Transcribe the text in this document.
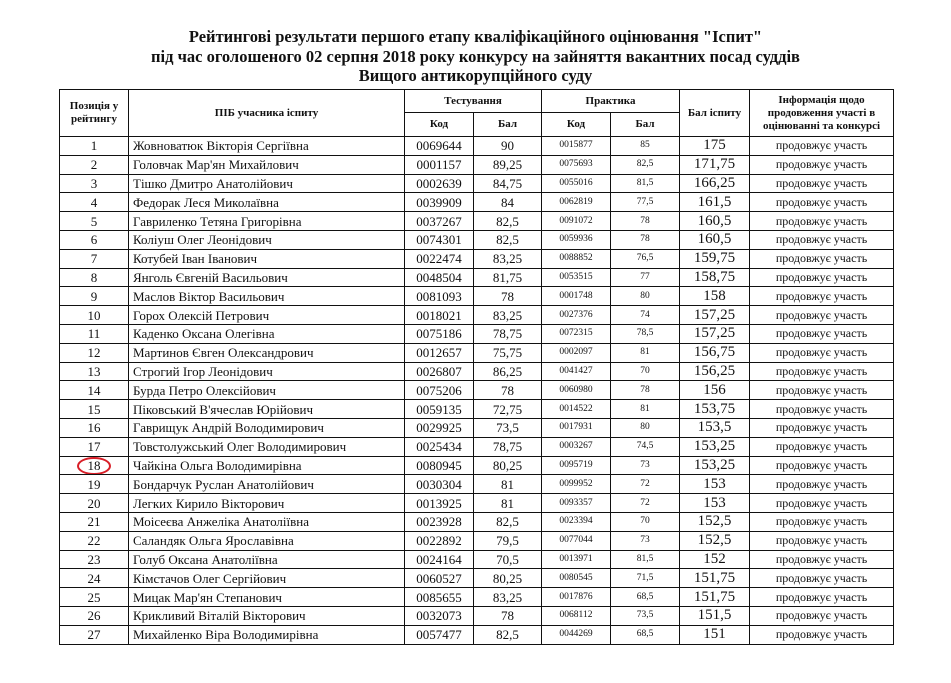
Рейтингові результати першого етапу кваліфікаційного оцінювання "Іспит"
під час оголошеного 02 серпня 2018 року конкурсу на зайняття вакантних посад суддів
Вищого антикорупційного суду
Позиція у рейтингу	ПІБ учасника іспиту	Тестування		Практика		Бал іспиту	Інформація щодо продовження участі в оцінюванні та конкурсі
		Код	Бал	Код	Бал		
1	Жовноватюк Вікторія Сергіївна	0069644	90	0015877	85	175	продовжує участь
2	Головчак Мар'ян Михайлович	0001157	89,25	0075693	82,5	171,75	продовжує участь
3	Тішко Дмитро Анатолійович	0002639	84,75	0055016	81,5	166,25	продовжує участь
4	Федорак Леся Миколаївна	0039909	84	0062819	77,5	161,5	продовжує участь
5	Гавриленко Тетяна Григорівна	0037267	82,5	0091072	78	160,5	продовжує участь
6	Коліуш Олег Леонідович	0074301	82,5	0059936	78	160,5	продовжує участь
7	Котубей Іван Іванович	0022474	83,25	0088852	76,5	159,75	продовжує участь
8	Янголь Євгеній Васильович	0048504	81,75	0053515	77	158,75	продовжує участь
9	Маслов Віктор Васильович	0081093	78	0001748	80	158	продовжує участь
10	Горох Олексій Петрович	0018021	83,25	0027376	74	157,25	продовжує участь
11	Каденко Оксана Олегівна	0075186	78,75	0072315	78,5	157,25	продовжує участь
12	Мартинов Євген Олександрович	0012657	75,75	0002097	81	156,75	продовжує участь
13	Строгий Ігор Леонідович	0026807	86,25	0041427	70	156,25	продовжує участь
14	Бурда Петро Олексійович	0075206	78	0060980	78	156	продовжує участь
15	Піковський В'ячеслав Юрійович	0059135	72,75	0014522	81	153,75	продовжує участь
16	Гаврищук Андрій Володимирович	0029925	73,5	0017931	80	153,5	продовжує участь
17	Товстолужський Олег Володимирович	0025434	78,75	0003267	74,5	153,25	продовжує участь
18	Чайкіна Ольга Володимирівна	0080945	80,25	0095719	73	153,25	продовжує участь
19	Бондарчук Руслан Анатолійович	0030304	81	0099952	72	153	продовжує участь
20	Легких Кирило Вікторович	0013925	81	0093357	72	153	продовжує участь
21	Моісеєва Анжеліка Анатоліївна	0023928	82,5	0023394	70	152,5	продовжує участь
22	Саландяк Ольга Ярославівна	0022892	79,5	0077044	73	152,5	продовжує участь
23	Голуб Оксана Анатоліївна	0024164	70,5	0013971	81,5	152	продовжує участь
24	Кімстачов Олег Сергійович	0060527	80,25	0080545	71,5	151,75	продовжує участь
25	Мицак Мар'ян Степанович	0085655	83,25	0017876	68,5	151,75	продовжує участь
26	Крикливий Віталій Вікторович	0032073	78	0068112	73,5	151,5	продовжує участь
27	Михайленко Віра Володимирівна	0057477	82,5	0044269	68,5	151	продовжує участь
